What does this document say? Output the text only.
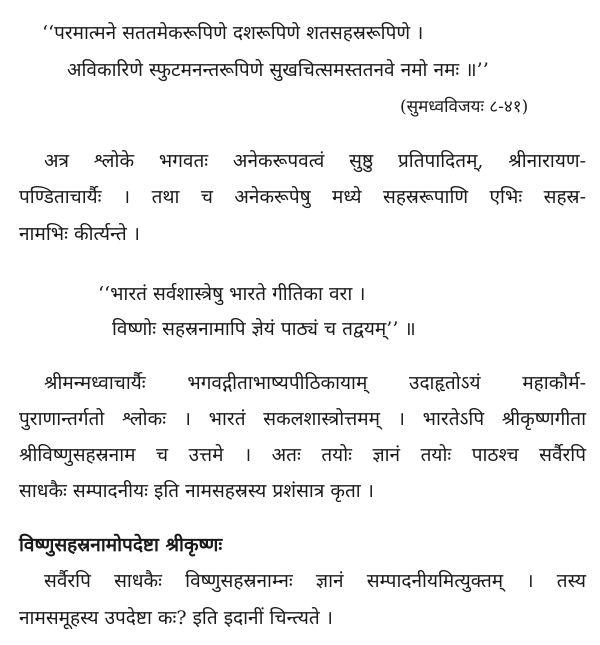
‘‘परमात्मने सततमेकरूपिणे दशरूपिणे शतसहस्ररूपिणे ।
अविकारिणे स्फुटमनन्तरूपिणे सुखचित्समस्ततनवे नमो नमः ॥’’
(सुमध्वविजयः ८-४१)
अत्र श्लोके भगवतः अनेकरूपवत्वं सुष्ठु प्रतिपादितम्, श्रीनारायण-
पण्डिताचार्यैः । तथा च अनेकरूपेषु मध्ये सहस्ररूपाणि एभिः सहस्र-
नामभिः कीर्त्यन्ते ।
‘‘भारतं सर्वशास्त्रेषु भारते गीतिका वरा ।
विष्णोः सहस्रनामापि ज्ञेयं पाठ्यं च तद्वयम्’’ ॥
श्रीमन्मध्वाचार्यैः भगवद्गीताभाष्यपीठिकायाम् उदाहृतोऽयं महाकौर्म-
पुराणान्तर्गतो श्लोकः । भारतं सकलशास्त्रोत्तमम् । भारतेऽपि श्रीकृष्णगीता
श्रीविष्णुसहस्रनाम च उत्तमे । अतः तयोः ज्ञानं तयोः पाठश्च सर्वैरपि
साधकैः सम्पादनीयः इति नामसहस्रस्य प्रशंसात्र कृता ।
विष्णुसहस्रनामोपदेष्टा श्रीकृष्णः
सर्वैरपि साधकैः विष्णुसहस्रनाम्नः ज्ञानं सम्पादनीयमित्युक्तम् । तस्य
नामसमूहस्य उपदेष्टा कः? इति इदानीं चिन्त्यते ।
